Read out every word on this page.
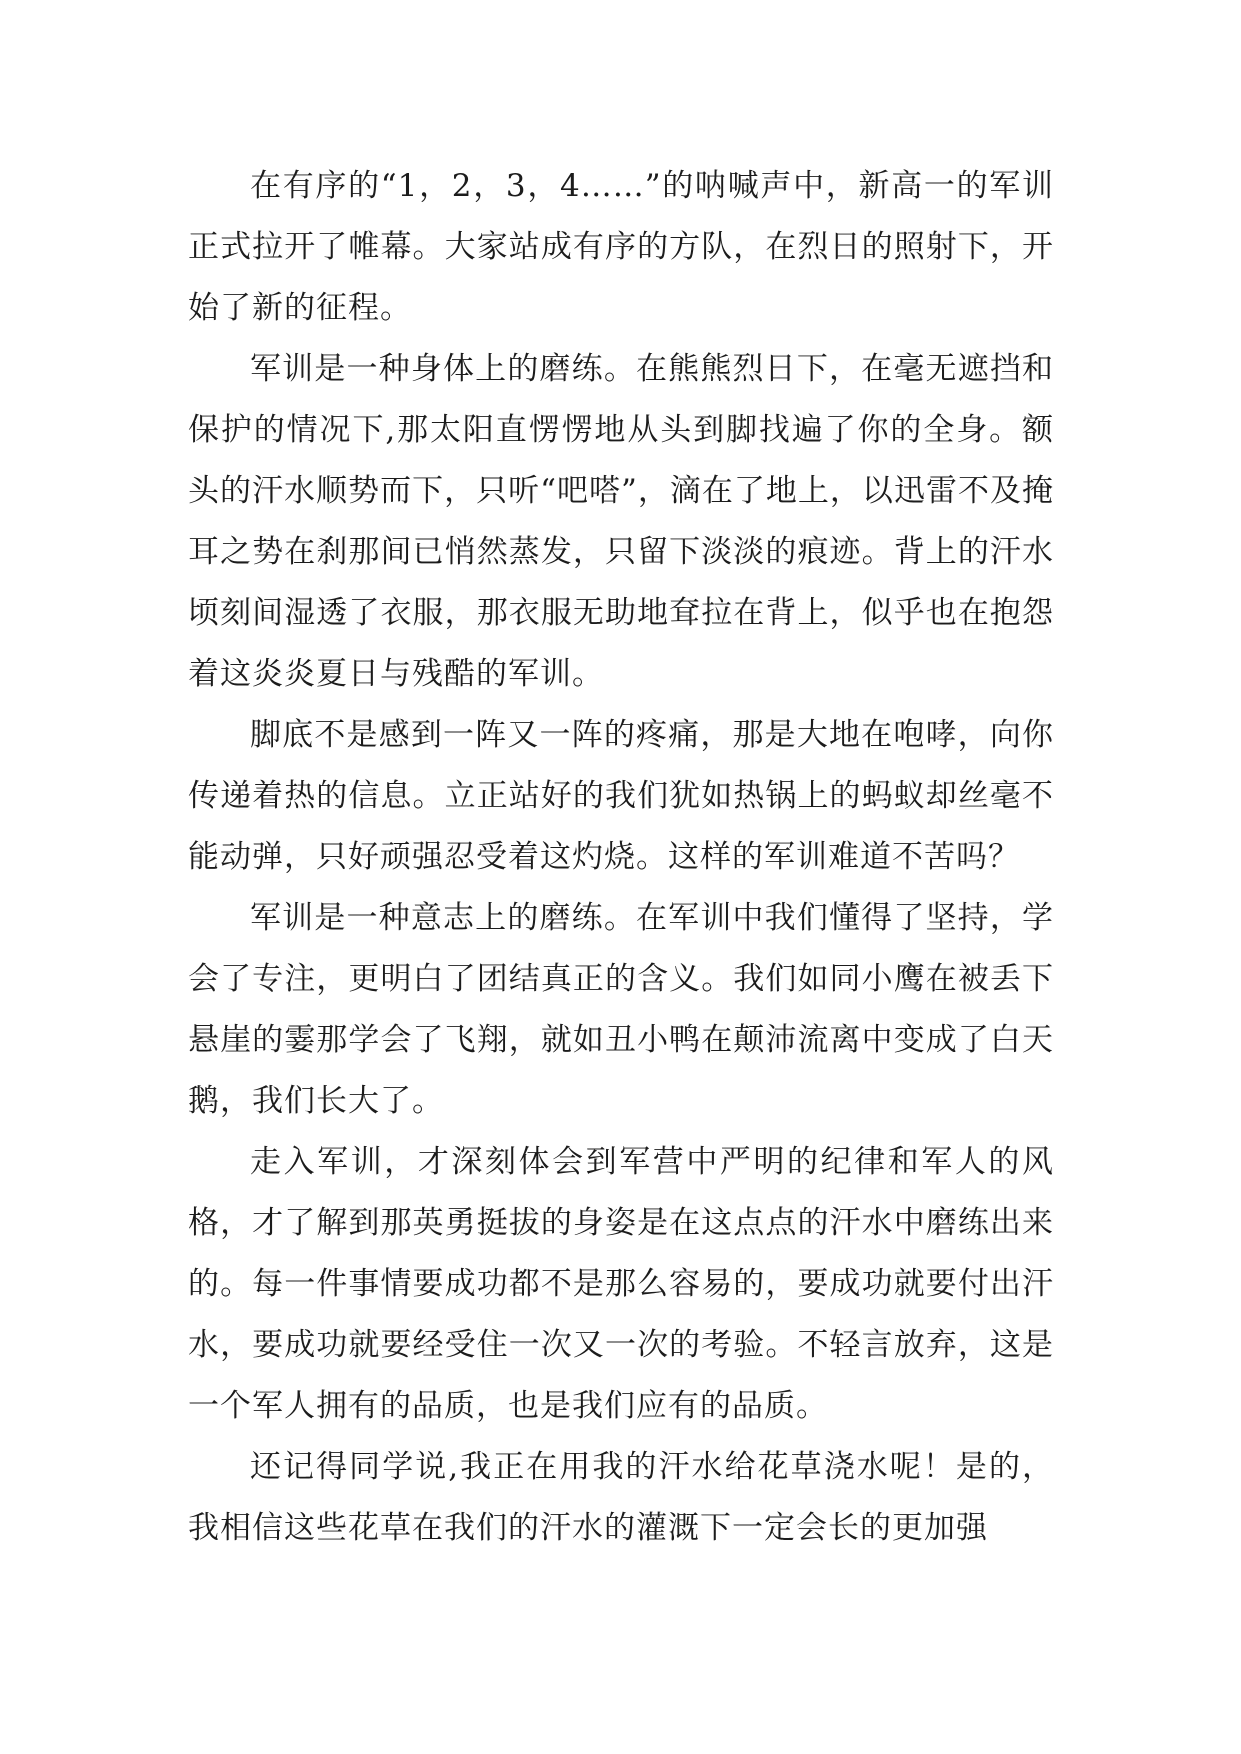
在有序的“1，2，3，4……”的呐喊声中，新高一的军训正式拉开了帷幕。大家站成有序的方队，在烈日的照射下，开始了新的征程。

军训是一种身体上的磨练。在熊熊烈日下，在毫无遮挡和保护的情况下,那太阳直愣愣地从头到脚找遍了你的全身。额头的汗水顺势而下，只听“吧嗒”，滴在了地上，以迅雷不及掩耳之势在刹那间已悄然蒸发，只留下淡淡的痕迹。背上的汗水顷刻间湿透了衣服，那衣服无助地耷拉在背上，似乎也在抱怨着这炎炎夏日与残酷的军训。

脚底不是感到一阵又一阵的疼痛，那是大地在咆哮，向你传递着热的信息。立正站好的我们犹如热锅上的蚂蚁却丝毫不能动弹，只好顽强忍受着这灼烧。这样的军训难道不苦吗？

军训是一种意志上的磨练。在军训中我们懂得了坚持，学会了专注，更明白了团结真正的含义。我们如同小鹰在被丢下悬崖的霎那学会了飞翔，就如丑小鸭在颠沛流离中变成了白天鹅，我们长大了。

走入军训，才深刻体会到军营中严明的纪律和军人的风格，才了解到那英勇挺拔的身姿是在这点点的汗水中磨练出来的。每一件事情要成功都不是那么容易的，要成功就要付出汗水，要成功就要经受住一次又一次的考验。不轻言放弃，这是一个军人拥有的品质，也是我们应有的品质。

还记得同学说,我正在用我的汗水给花草浇水呢！是的，我相信这些花草在我们的汗水的灌溉下一定会长的更加强
